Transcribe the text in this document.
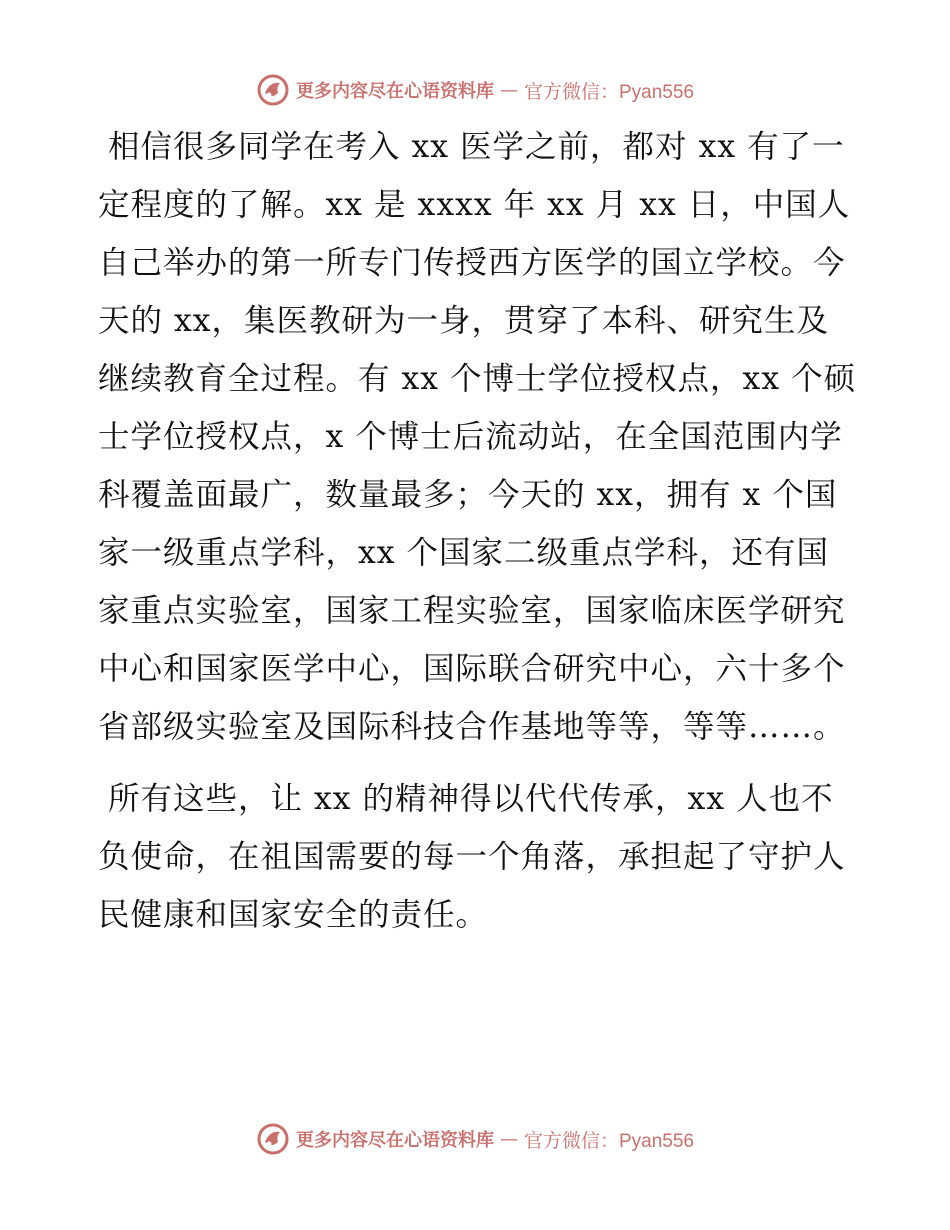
更多内容尽在心语资料库 — 官方微信：Pyan556

相信很多同学在考入 xx 医学之前，都对 xx 有了一定程度的了解。xx 是 xxxx 年 xx 月 xx 日，中国人自己举办的第一所专门传授西方医学的国立学校。今天的 xx，集医教研为一身，贯穿了本科、研究生及继续教育全过程。有 xx 个博士学位授权点，xx 个硕士学位授权点，x 个博士后流动站，在全国范围内学科覆盖面最广，数量最多；今天的 xx，拥有 x 个国家一级重点学科，xx 个国家二级重点学科，还有国家重点实验室，国家工程实验室，国家临床医学研究中心和国家医学中心，国际联合研究中心，六十多个省部级实验室及国际科技合作基地等等，等等……。

所有这些，让 xx 的精神得以代代传承，xx 人也不负使命，在祖国需要的每一个角落，承担起了守护人民健康和国家安全的责任。

更多内容尽在心语资料库 — 官方微信：Pyan556
